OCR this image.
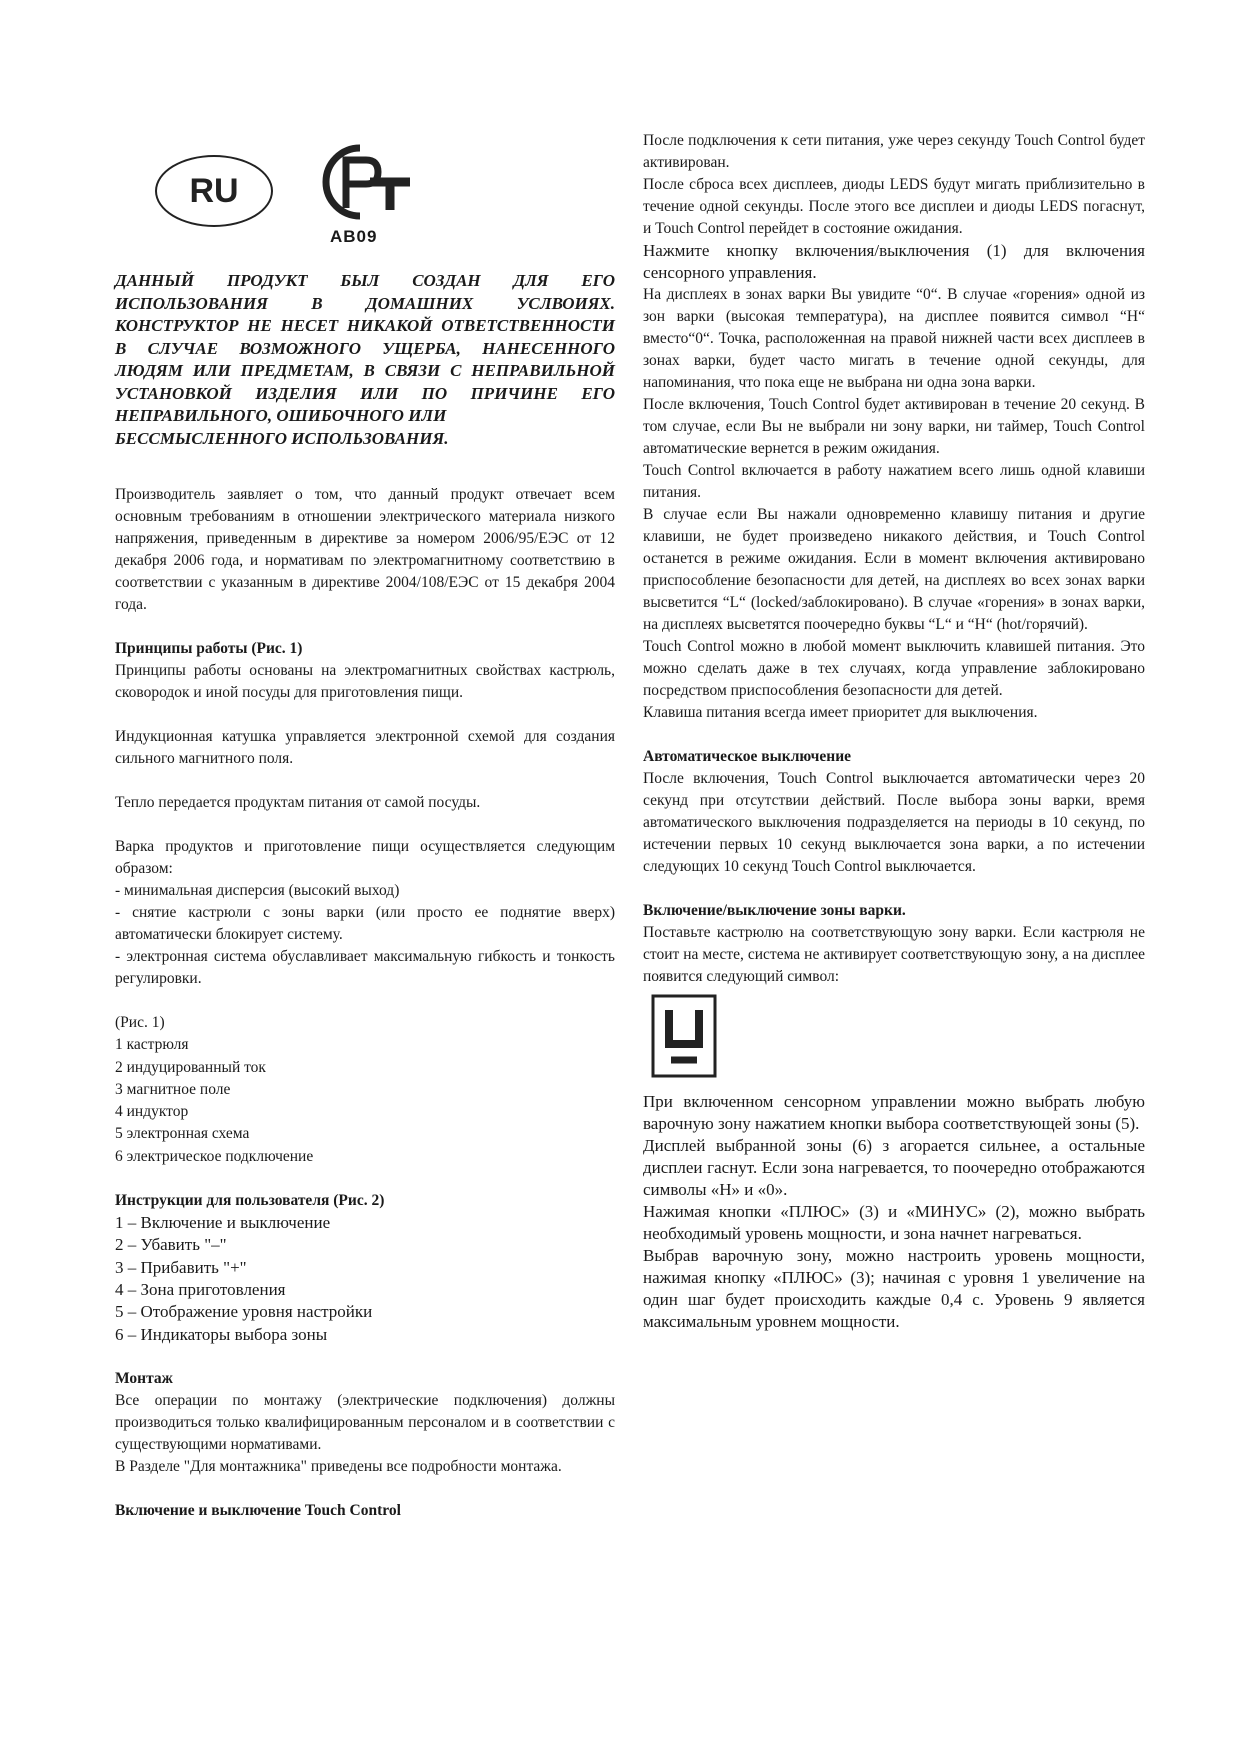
RU
AB09
ДАННЫЙ ПРОДУКТ БЫЛ СОЗДАН ДЛЯ ЕГО
ИСПОЛЬЗОВАНИЯ В ДОМАШНИХ УСЛВОИЯХ.
КОНСТРУКТОР НЕ НЕСЕТ НИКАКОЙ ОТВЕТСТВЕННОСТИ
В СЛУЧАЕ ВОЗМОЖНОГО УЩЕРБА, НАНЕСЕННОГО
ЛЮДЯМ ИЛИ ПРЕДМЕТАМ, В СВЯЗИ С НЕПРАВИЛЬНОЙ
УСТАНОВКОЙ ИЗДЕЛИЯ ИЛИ ПО ПРИЧИНЕ ЕГО
НЕПРАВИЛЬНОГО, ОШИБОЧНОГО ИЛИ
БЕССМЫСЛЕННОГО ИСПОЛЬЗОВАНИЯ.

Производитель заявляет о том, что данный продукт отвечает всем основным требованиям в отношении электрического материала низкого напряжения, приведенным в директиве за номером 2006/95/ЕЭС от 12 декабря 2006 года, и нормативам по электромагнитному соответствию в соответствии с указанным в директиве 2004/108/ЕЭС от 15 декабря 2004 года.

Принципы работы (Рис. 1)

Принципы работы основаны на электромагнитных свойствах кастрюль, сковородок и иной посуды для приготовления пищи.

Индукционная катушка управляется электронной схемой для создания сильного магнитного поля.

Тепло передается продуктам питания от самой посуды.

Варка продуктов и приготовление пищи осуществляется следующим образом:

- минимальная дисперсия (высокий выход)

- снятие кастрюли с зоны варки (или просто ее поднятие вверх) автоматически блокирует систему.

- электронная система обуславливает максимальную гибкость и тонкость регулировки.

(Рис. 1)
1 кастрюля
2 индуцированный ток
3 магнитное поле
4 индуктор
5 электронная схема
6 электрическое подключение
Инструкции для пользователя (Рис. 2)
1 – Включение и выключение
2 – Убавить "–"
3 – Прибавить "+"
4 – Зона приготовления
5 – Отображение уровня настройки
6 – Индикаторы выбора зоны
Монтаж

Все операции по монтажу (электрические подключения) должны производиться только квалифицированным персоналом и в соответствии с существующими нормативами.

В Разделе "Для монтажника" приведены все подробности монтажа.

Включение и выключение Touch Control

После подключения к сети питания, уже через секунду Touch Control будет активирован.

После сброса всех дисплеев, диоды LEDS будут мигать приблизительно в течение одной секунды. После этого все дисплеи и диоды LEDS погаснут, и Touch Control перейдет в состояние ожидания.

Нажмите кнопку включения/выключения (1) для включения сенсорного управления.

На дисплеях в зонах варки Вы увидите “0“. В случае «горения» одной из зон варки (высокая температура), на дисплее появится символ “H“ вместо“0“. Точка, расположенная на правой нижней части всех дисплеев в зонах варки, будет часто мигать в течение одной секунды, для напоминания, что пока еще не выбрана ни одна зона варки.

После включения, Touch Control будет активирован в течение 20 секунд. В том случае, если Вы не выбрали ни зону варки, ни таймер, Touch Control автоматические вернется в режим ожидания.

Touch Control включается в работу нажатием всего лишь одной клавиши питания.

В случае если Вы нажали одновременно клавишу питания и другие клавиши, не будет произведено никакого действия, и Touch Control останется в режиме ожидания. Если в момент включения активировано приспособление безопасности для детей, на дисплеях во всех зонах варки высветится “L“ (locked/заблокировано). В случае «горения» в зонах варки, на дисплеях высветятся поочередно буквы “L“ и “H“ (hot/горячий).

Touch Control можно в любой момент выключить клавишей питания. Это можно сделать даже в тех случаях, когда управление заблокировано посредством приспособления безопасности для детей.

Клавиша питания всегда имеет приоритет для выключения.

Автоматическое выключение

После включения, Touch Control выключается автоматически через 20 секунд при отсутствии действий. После выбора зоны варки, время автоматического выключения подразделяется на периоды в 10 секунд, по истечении первых 10 секунд выключается зона варки, а по истечении следующих 10 секунд Touch Control выключается.

Включение/выключение зоны варки.

Поставьте кастрюлю на соответствующую зону варки. Если кастрюля не стоит на месте, система не активирует соответствующую зону, а на дисплее появится следующий символ:

При включенном сенсорном управлении можно выбрать любую варочную зону нажатием кнопки выбора соответствующей зоны (5).

Дисплей выбранной зоны (6) з агорается сильнее, а остальные дисплеи гаснут. Если зона нагревается, то поочередно отображаются символы «H» и «0».

Нажимая кнопки «ПЛЮС» (3) и «МИНУС» (2), можно выбрать необходимый уровень мощности, и зона начнет нагреваться.

Выбрав варочную зону, можно настроить уровень мощности, нажимая кнопку «ПЛЮС» (3); начиная с уровня 1 увеличение на один шаг будет происходить каждые 0,4 с. Уровень 9 является максимальным уровнем мощности.
